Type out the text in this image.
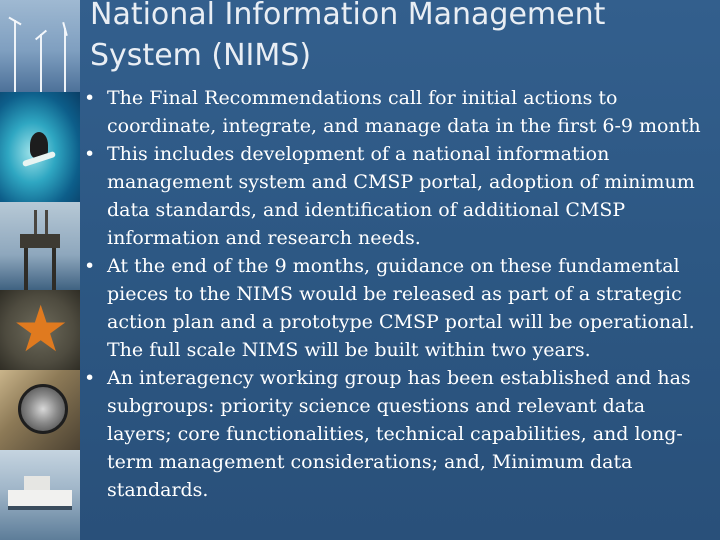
★
National Information Management
System (NIMS)
• The Final Recommendations call for initial actions to
coordinate, integrate, and manage data in the first 6-9 month
• This includes development of a national information
management system and CMSP portal, adoption of minimum
data standards, and identification of additional CMSP
information and research needs.
• At the end of the 9 months, guidance on these fundamental
pieces to the NIMS would be released as part of a strategic
action plan and a prototype CMSP portal will be operational.
The full scale NIMS will be built within two years.
• An interagency working group has been established and has
subgroups: priority science questions and relevant data
layers; core functionalities, technical capabilities, and long-
term management considerations; and, Minimum data
standards.
